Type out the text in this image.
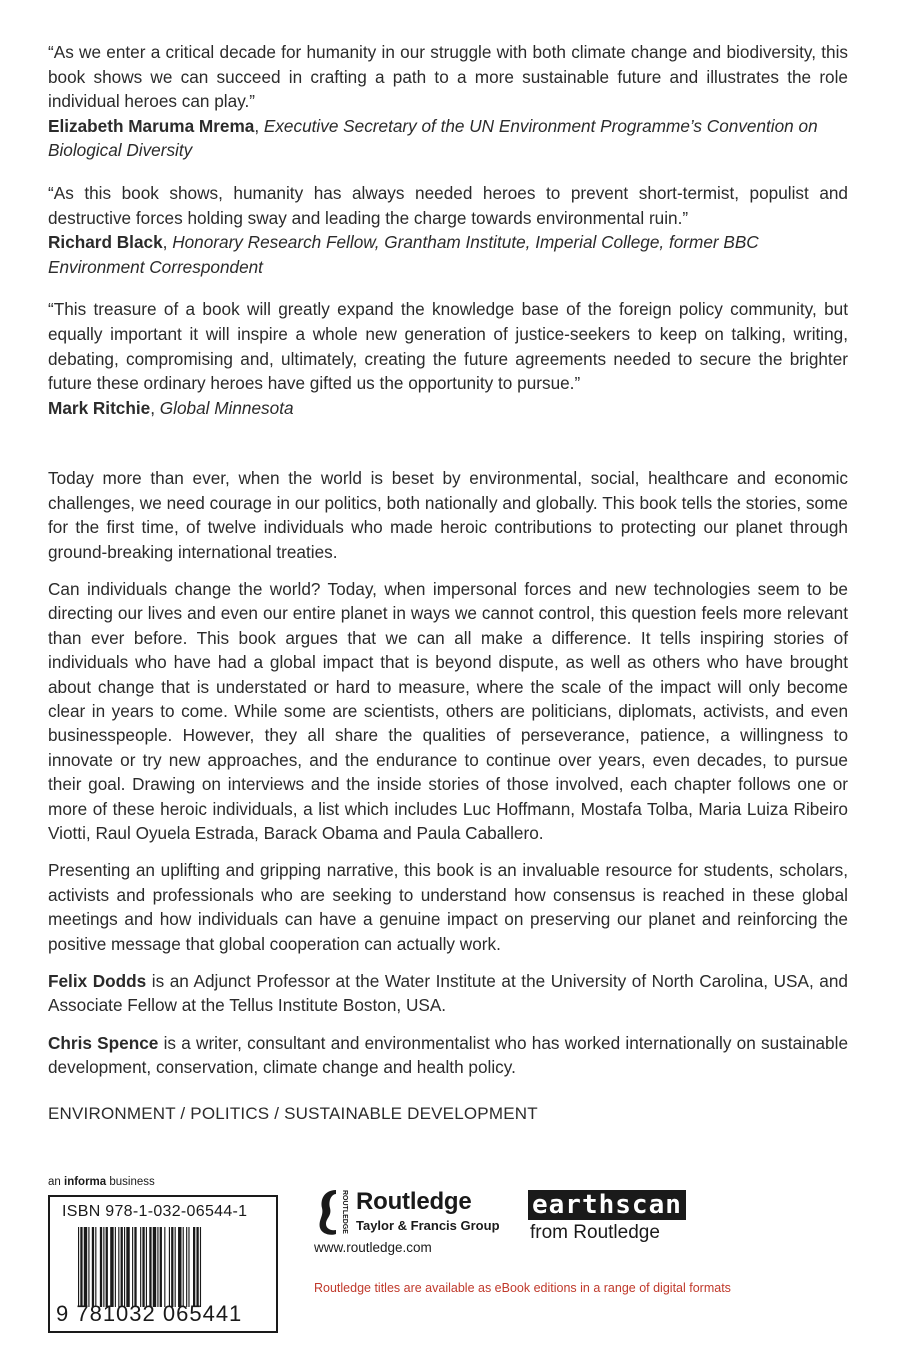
“As we enter a critical decade for humanity in our struggle with both climate change and biodiversity, this book shows we can succeed in crafting a path to a more sustainable future and illustrates the role individual heroes can play.”

Elizabeth Maruma Mrema, Executive Secretary of the UN Environment Programme’s Convention on Biological Diversity

“As this book shows, humanity has always needed heroes to prevent short-termist, populist and destructive forces holding sway and leading the charge towards environmental ruin.”

Richard Black, Honorary Research Fellow, Grantham Institute, Imperial College, former BBC Environment Correspondent

“This treasure of a book will greatly expand the knowledge base of the foreign policy community, but equally important it will inspire a whole new generation of justice-seekers to keep on talking, writing, debating, compromising and, ultimately, creating the future agreements needed to secure the brighter future these ordinary heroes have gifted us the opportunity to pursue.”

Mark Ritchie, Global Minnesota

Today more than ever, when the world is beset by environmental, social, healthcare and economic challenges, we need courage in our politics, both nationally and globally. This book tells the stories, some for the first time, of twelve individuals who made heroic contributions to protecting our planet through ground-breaking international treaties.

Can individuals change the world? Today, when impersonal forces and new technologies seem to be directing our lives and even our entire planet in ways we cannot control, this question feels more relevant than ever before. This book argues that we can all make a difference. It tells inspiring stories of individuals who have had a global impact that is beyond dispute, as well as others who have brought about change that is understated or hard to measure, where the scale of the impact will only become clear in years to come. While some are scientists, others are politicians, diplomats, activists, and even businesspeople. However, they all share the qualities of perseverance, patience, a willingness to innovate or try new approaches, and the endurance to continue over years, even decades, to pursue their goal. Drawing on interviews and the inside stories of those involved, each chapter follows one or more of these heroic individuals, a list which includes Luc Hoffmann, Mostafa Tolba, Maria Luiza Ribeiro Viotti, Raul Oyuela Estrada, Barack Obama and Paula Caballero.

Presenting an uplifting and gripping narrative, this book is an invaluable resource for students, scholars, activists and professionals who are seeking to understand how consensus is reached in these global meetings and how individuals can have a genuine impact on preserving our planet and reinforcing the positive message that global cooperation can actually work.

Felix Dodds is an Adjunct Professor at the Water Institute at the University of North Carolina, USA, and Associate Fellow at the Tellus Institute Boston, USA.

Chris Spence is a writer, consultant and environmentalist who has worked internationally on sustainable development, conservation, climate change and health policy.

ENVIRONMENT / POLITICS / SUSTAINABLE DEVELOPMENT
an informa business
ISBN 978-1-032-06544-1
9 781032 065441
ROUTLEDGE Routledge
Taylor & Francis Group
www.routledge.com
earthscan
from Routledge
Routledge titles are available as eBook editions in a range of digital formats
